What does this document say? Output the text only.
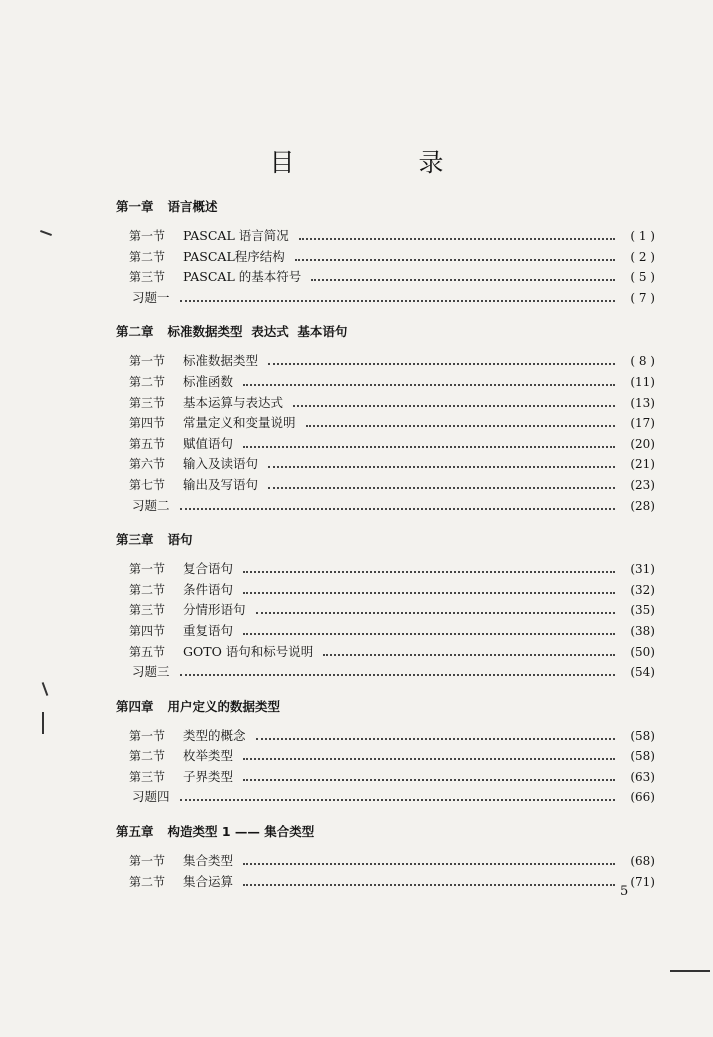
目 录
第一章 语言概述
第一节 PASCAL 语言简况	( 1 )
第二节 PASCAL程序结构	( 2 )
第三节 PASCAL 的基本符号	( 5 )
习题一	( 7 )
第二章 标准数据类型  表达式  基本语句
第一节 标准数据类型	( 8 )
第二节 标准函数	(11)
第三节 基本运算与表达式	(13)
第四节 常量定义和变量说明	(17)
第五节 赋值语句	(20)
第六节 输入及读语句	(21)
第七节 输出及写语句	(23)
习题二	(28)
第三章 语句
第一节 复合语句	(31)
第二节 条件语句	(32)
第三节 分情形语句	(35)
第四节 重复语句	(38)
第五节 GOTO 语句和标号说明	(50)
习题三	(54)
第四章 用户定义的数据类型
第一节 类型的概念	(58)
第二节 枚举类型	(58)
第三节 子界类型	(63)
习题四	(66)
第五章 构造类型 1 —— 集合类型
第一节 集合类型	(68)
第二节 集合运算	(71)
5
